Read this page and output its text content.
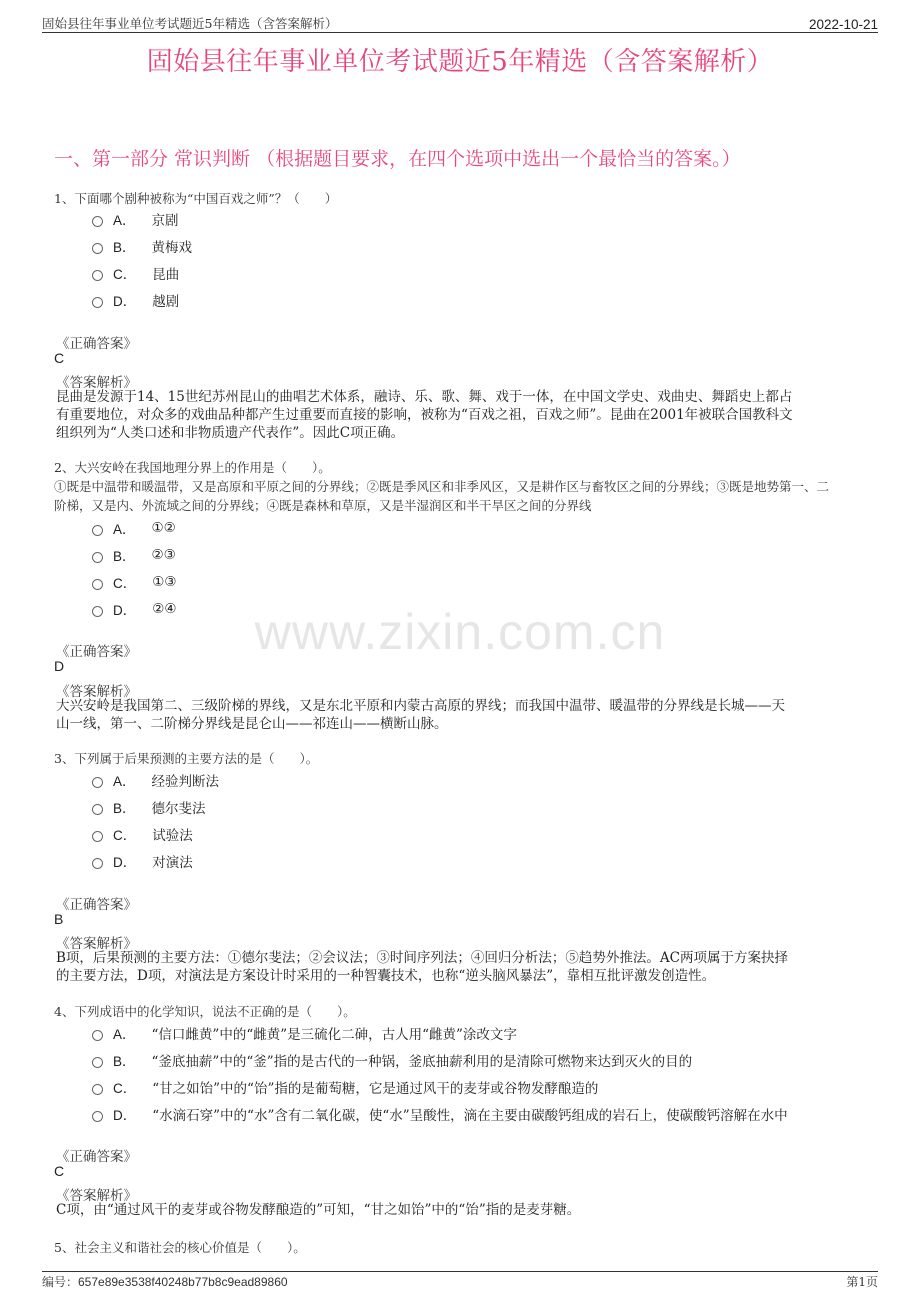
固始县往年事业单位考试题近5年精选（含答案解析）	2022-10-21
固始县往年事业单位考试题近5年精选（含答案解析）
一、第一部分 常识判断 （根据题目要求，在四个选项中选出一个最恰当的答案。）
www.zixin.com.cn
1、下面哪个剧种被称为“中国百戏之师”？（　　）
A． 京剧
B． 黄梅戏
C． 昆曲
D． 越剧
《正确答案》
C
《答案解析》
昆曲是发源于14、15世纪苏州昆山的曲唱艺术体系，融诗、乐、歌、舞、戏于一体，在中国文学史、戏曲史、舞蹈史上都占
有重要地位，对众多的戏曲品种都产生过重要而直接的影响，被称为“百戏之祖，百戏之师”。昆曲在2001年被联合国教科文
组织列为“人类口述和非物质遗产代表作”。因此C项正确。
2、大兴安岭在我国地理分界上的作用是（　　）。
①既是中温带和暖温带，又是高原和平原之间的分界线；②既是季风区和非季风区，又是耕作区与畜牧区之间的分界线；③既是地势第一、二
阶梯，又是内、外流域之间的分界线；④既是森林和草原，又是半湿润区和半干旱区之间的分界线
A． ①②
B． ②③
C． ①③
D． ②④
《正确答案》
D
《答案解析》
大兴安岭是我国第二、三级阶梯的界线，又是东北平原和内蒙古高原的界线；而我国中温带、暖温带的分界线是长城——天
山一线，第一、二阶梯分界线是昆仑山——祁连山——横断山脉。
3、下列属于后果预测的主要方法的是（　　）。
A． 经验判断法
B． 德尔斐法
C． 试验法
D． 对演法
《正确答案》
B
《答案解析》
B项，后果预测的主要方法：①德尔斐法；②会议法；③时间序列法；④回归分析法；⑤趋势外推法。AC两项属于方案抉择
的主要方法，D项，对演法是方案设计时采用的一种智囊技术，也称“逆头脑风暴法”，靠相互批评激发创造性。
4、下列成语中的化学知识，说法不正确的是（　　）。
A． “信口雌黄”中的“雌黄”是三硫化二砷，古人用“雌黄”涂改文字
B． “釜底抽薪”中的“釜”指的是古代的一种锅，釜底抽薪利用的是清除可燃物来达到灭火的目的
C． “甘之如饴”中的“饴”指的是葡萄糖，它是通过风干的麦芽或谷物发酵酿造的
D． “水滴石穿”中的“水”含有二氧化碳，使“水”呈酸性，滴在主要由碳酸钙组成的岩石上，使碳酸钙溶解在水中
《正确答案》
C
《答案解析》
C项，由“通过风干的麦芽或谷物发酵酿造的”可知，“甘之如饴”中的“饴”指的是麦芽糖。
5、社会主义和谐社会的核心价值是（　　）。
编号：657e89e3538f40248b77b8c9ead89860	第1页
